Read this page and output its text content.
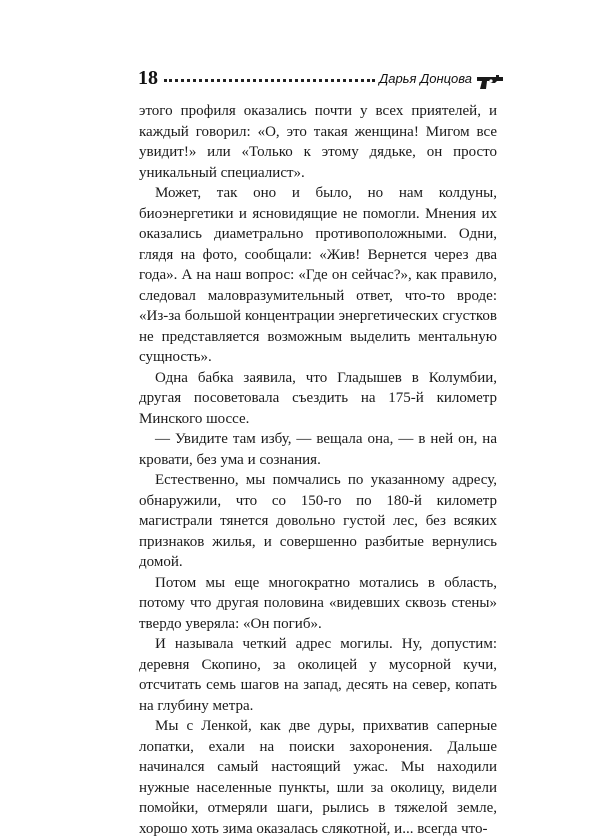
18	Дарья Донцова

этого профиля оказались почти у всех приятелей, и каждый говорил: «О, это такая женщина! Мигом все увидит!» или «Только к этому дядьке, он просто уникальный специалист».

Может, так оно и было, но нам колдуны, биоэнергетики и ясновидящие не помогли. Мнения их оказались диаметрально противоположными. Одни, глядя на фото, сообщали: «Жив! Вернется через два года». А на наш вопрос: «Где он сейчас?», как правило, следовал маловразумительный ответ, что-то вроде: «Из-за большой концентрации энергетических сгустков не представляется возможным выделить ментальную сущность».

Одна бабка заявила, что Гладышев в Колумбии, другая посоветовала съездить на 175-й километр Минского шоссе.

— Увидите там избу, — вещала она, — в ней он, на кровати, без ума и сознания.

Естественно, мы помчались по указанному адресу, обнаружили, что со 150-го по 180-й километр магистрали тянется довольно густой лес, без всяких признаков жилья, и совершенно разбитые вернулись домой.

Потом мы еще многократно мотались в область, потому что другая половина «видевших сквозь стены» твердо уверяла: «Он погиб».

И называла четкий адрес могилы. Ну, допустим: деревня Скопино, за околицей у мусорной кучи, отсчитать семь шагов на запад, десять на север, копать на глубину метра.

Мы с Ленкой, как две дуры, прихватив саперные лопатки, ехали на поиски захоронения. Дальше начинался самый настоящий ужас. Мы находили нужные населенные пункты, шли за околицу, видели помойки, отмеряли шаги, рылись в тяжелой земле, хорошо хоть зима оказалась слякотной, и... всегда что-
